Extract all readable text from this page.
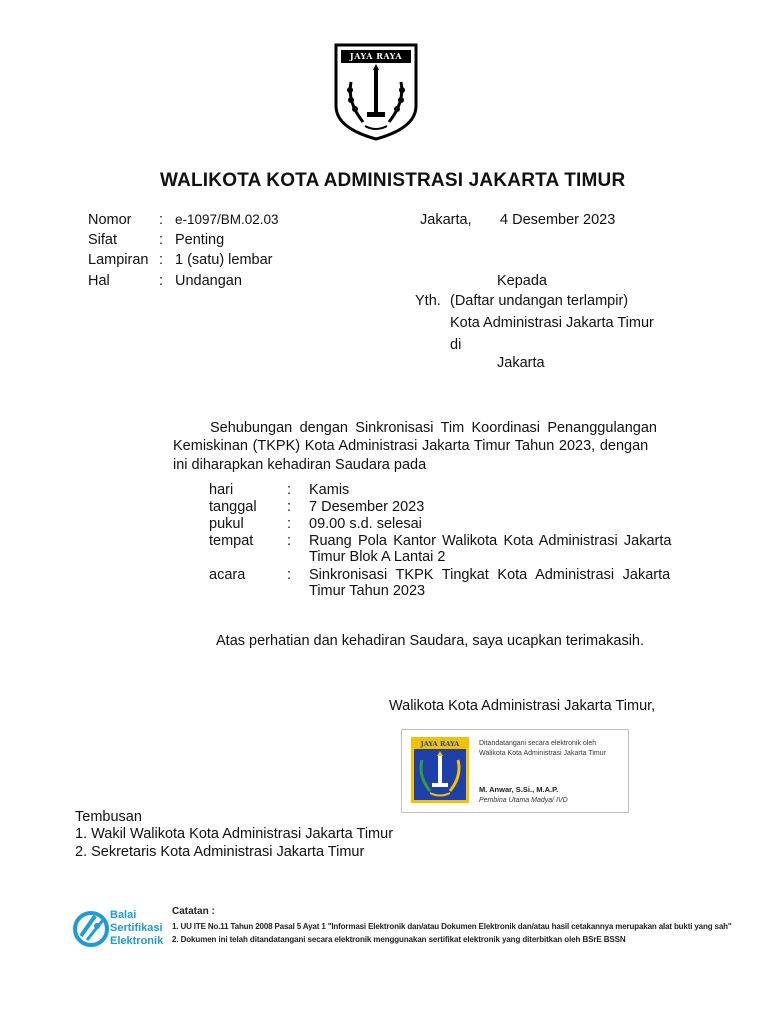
JAYA RAYA
WALIKOTA KOTA ADMINISTRASI JAKARTA TIMUR
Nomor : e-1097/BM.02.03
Sifat	: Penting
Lampiran : 1 (satu) lembar
Hal	: Undangan
Jakarta, 4 Desember 2023
Kepada
Yth. (Daftar undangan terlampir)
Kota Administrasi Jakarta Timur
di
Jakarta
Sehubungan dengan Sinkronisasi Tim Koordinasi Penanggulangan
Kemiskinan (TKPK) Kota Administrasi Jakarta Timur Tahun 2023, dengan
ini diharapkan kehadiran Saudara pada
hari	: Kamis
tanggal : 7 Desember 2023
pukul	: 09.00 s.d. selesai
tempat : Ruang Pola Kantor Walikota Kota Administrasi Jakarta
Timur Blok A Lantai 2
acara	: Sinkronisasi TKPK Tingkat Kota Administrasi Jakarta
Timur Tahun 2023
Atas perhatian dan kehadiran Saudara, saya ucapkan terimakasih.
Walikota Kota Administrasi Jakarta Timur,
JAYA RAYA	Ditandatangani secara elektronik oleh
Walikota Kota Administrasi Jakarta Timur
M. Anwar, S.Si., M.A.P.
Pembina Utama Madya/ IVD
Tembusan
1. Wakil Walikota Kota Administrasi Jakarta Timur
2. Sekretaris Kota Administrasi Jakarta Timur
Balai
Sertifikasi
Elektronik
Catatan :
1. UU ITE No.11 Tahun 2008 Pasal 5 Ayat 1 "Informasi Elektronik dan/atau Dokumen Elektronik dan/atau hasil cetakannya merupakan alat bukti yang sah"
2. Dokumen ini telah ditandatangani secara elektronik menggunakan sertifikat elektronik yang diterbitkan oleh BSrE BSSN
